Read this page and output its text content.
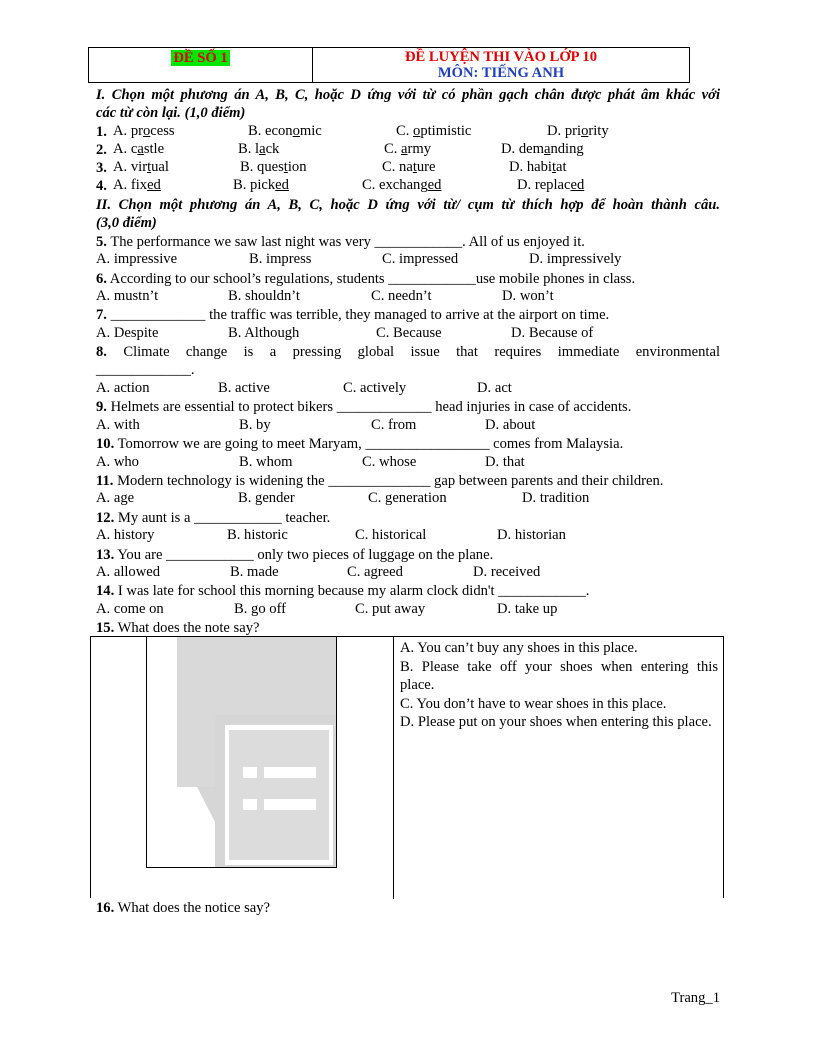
ĐỀ SỐ 1	ĐỀ LUYỆN THI VÀO LỚP 10
MÔN: TIẾNG ANH
I. Chọn một phương án A, B, C, hoặc D ứng với từ có phần gạch chân được phát âm khác với
các từ còn lại. (1,0 điểm)
1. A. process	B. economic	C. optimistic	D. priority
2. A. castle	B. lack	C. army	D. demanding
3. A. virtual	B. question	C. nature	D. habitat
4. A. fixed	B. picked	C. exchanged	D. replaced
II. Chọn một phương án A, B, C, hoặc D ứng với từ/ cụm từ thích hợp để hoàn thành câu.
(3,0 điểm)
5. The performance we saw last night was very ____________. All of us enjoyed it.
A. impressive	B. impress	C. impressed	D. impressively
6. According to our school’s regulations, students ____________use mobile phones in class.
A. mustn’t	B. shouldn’t	C. needn’t	D. won’t
7. _____________ the traffic was terrible, they managed to arrive at the airport on time.
A. Despite	B. Although	C. Because	D. Because of
8. Climate change is a pressing global issue that requires immediate environmental
_____________.
A. action	B. active	C. actively	D. act
9. Helmets are essential to protect bikers _____________ head injuries in case of accidents.
A. with	B. by	C. from	D. about
10. Tomorrow we are going to meet Maryam, _________________ comes from Malaysia.
A. who	B. whom	C. whose	D. that
11. Modern technology is widening the ______________ gap between parents and their children.
A. age	B. gender	C. generation	D. tradition
12. My aunt is a ____________ teacher.
A. history	B. historic	C. historical	D. historian
13. You are ____________ only two pieces of luggage on the plane.
A. allowed	B. made	C. agreed	D. received
14. I was late for school this morning because my alarm clock didn't ____________.
A. come on	B. go off	C. put away	D. take up
15. What does the note say?
A. You can’t buy any shoes in this place.
B. Please take off your shoes when entering this place.
C. You don’t have to wear shoes in this place.
D. Please put on your shoes when entering this place.
16. What does the notice say?
Trang_1
